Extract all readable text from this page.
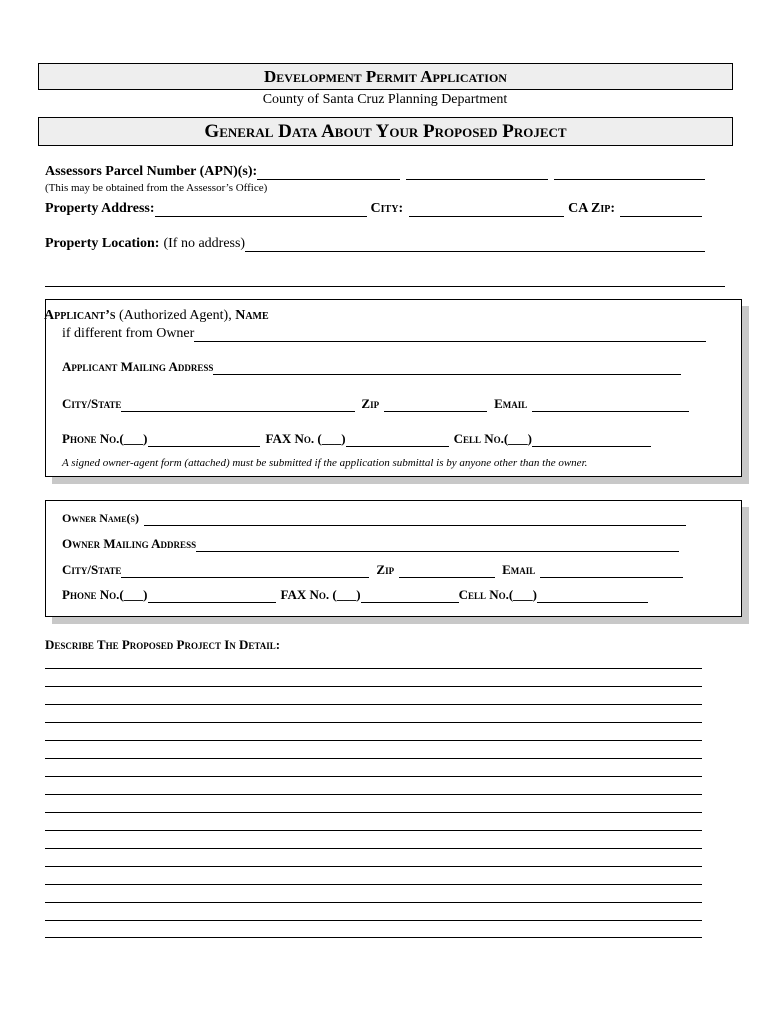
Development Permit Application
County of Santa Cruz Planning Department
General Data About Your Proposed Project
Assessors Parcel Number (APN)(s):
(This may be obtained from the Assessor’s Office)
Property Address:	City:	CA Zip:
Property Location: (If no address)
Applicant’s (Authorized Agent), Name
if different from Owner
Applicant Mailing Address
City/State	Zip	Email
Phone No.(___)	FAX No. (___)	Cell No.(___)
A signed owner-agent form (attached) must be submitted if the application submittal is by anyone other than the owner.
Owner Name(s)
Owner Mailing Address
City/State	Zip	Email
Phone No.(___)	FAX No. (___)	Cell No.(___)
Describe The Proposed Project In Detail:
